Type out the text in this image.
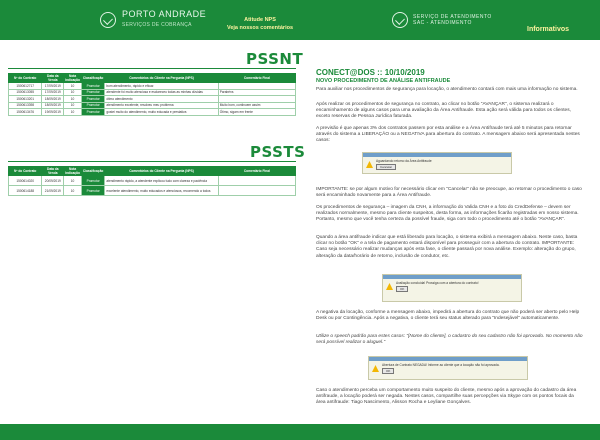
PORTO ANDRADE
SERVIÇOS DE COBRANÇA
Atitude NPS
Veja nossos comentários
SERVIÇO DE ATENDIMENTO
SAC - ATENDIMENTO
Informativos
PSSNT
Nº do Contrato	Data da Venda	Nota Indicação	Classificação	Comentários do Cliente na Pergunta (NPS)	Comentário Final
1500612717	17/09/2019	10	Promotor	bom atendimento, rápido e eficaz	
1500613055	17/09/2019	10	Promotor	atendente foi muito atenciosa e esclareceu todas as minhas dúvidas	Parabéns
1500613201	18/09/2019	10	Promotor	ótimo atendimento	
1500613398	18/09/2019	10	Promotor	atendimento excelente, resolveu meu problema	Muito bom, continuem assim
1500613476	19/09/2019	10	Promotor	gostei muito do atendimento, muito educada e prestativa	Ótimo, sigam em frente
PSSTS
Nº do Contrato	Data da Venda	Nota Indicação	Classificação	Comentários do Cliente na Pergunta (NPS)	Comentário Final
1500614020	20/09/2019	10	Promotor	atendimento rápido, a atendente explicou tudo com clareza e paciência	
1500614188	21/09/2019	10	Promotor	excelente atendimento, muito educados e atenciosos, recomendo a todos	
CONECT@DOS :: 10/10/2019
NOVO PROCEDIMENTO DE ANÁLISE ANTIFRAUDE
Para auxiliar nos procedimentos de segurança para locação, o atendimento contará com mais uma informação no sistema.
Após realizar os procedimentos de segurança no contrato, ao clicar no botão "AVANÇAR", o sistema realizará o encaminhamento de alguns casos para uma avaliação da Área Antifraude. Esta ação será válida para todos os clientes, exceto reservas de Pessoa Jurídica faturada.
A previsão é que apenas 3% dos contratos passem por esta análise e a Área Antifraude terá até 5 minutos para retornar através do sistema a LIBERAÇÃO ou a NEGATIVA para abertura do contrato. A mensagem abaixo será apresentada nestes casos:
Aguardando retorno da Área Antifraude
Cancelar
IMPORTANTE: se por algum motivo for necessário clicar em "Cancelar" não se preocupe, ao retornar o procedimento o caso será encaminhado novamente para a Área Antifraude.
Os procedimentos de segurança – imagem da CNH, a informação do Valida CNH e a foto do CredDefense – devem ser realizados normalmente, mesmo para cliente suspeitos, desta forma, as informações ficarão registradas em nosso sistema. Portanto, mesmo que você tenha certeza da possível fraude, siga com todo o procedimento até o botão "AVANÇAR".
Quando a área antifraude indicar que está liberado para locação, o sistema exibirá a mensagem abaixo. Neste caso, basta clicar no botão "OK" e a tela de pagamento estará disponível para prosseguir com a abertura do contrato. IMPORTANTE: Caso seja necessário realizar mudanças após esta fase, o cliente passará por nova análise. Exemplo: alteração do grupo, alteração da data/horário de retorno, inclusão de condutor, etc.
Avaliação concluída! Prossiga com a abertura do contrato!
OK
A negativa da locação, conforme a mensagem abaixo, impedirá a abertura do contrato que não poderá ser aberto pelo Help Desk ou por Contingência. Após a negativa, o cliente terá seu status alterado para "Indesejável" automaticamente.
Utilize o speech padrão para estes casos: "[Nome do cliente], o cadastro do seu cadastro não foi aprovado. No momento não será possível realizar o aluguel."
Abertura de Contrato NEGADA! Informe ao cliente que a locação não foi aprovada.
OK
Caso o atendimento perceba um comportamento muito suspeito do cliente, mesmo após a aprovação do cadastro da área antifraude, a locação poderá ser negada. Nestes casos, compartilhe suas percepções via Skype com os pontos focais da área antifraude: Tiago Nascimento, Alisson Rocha e Leyliane Gonçalves.
